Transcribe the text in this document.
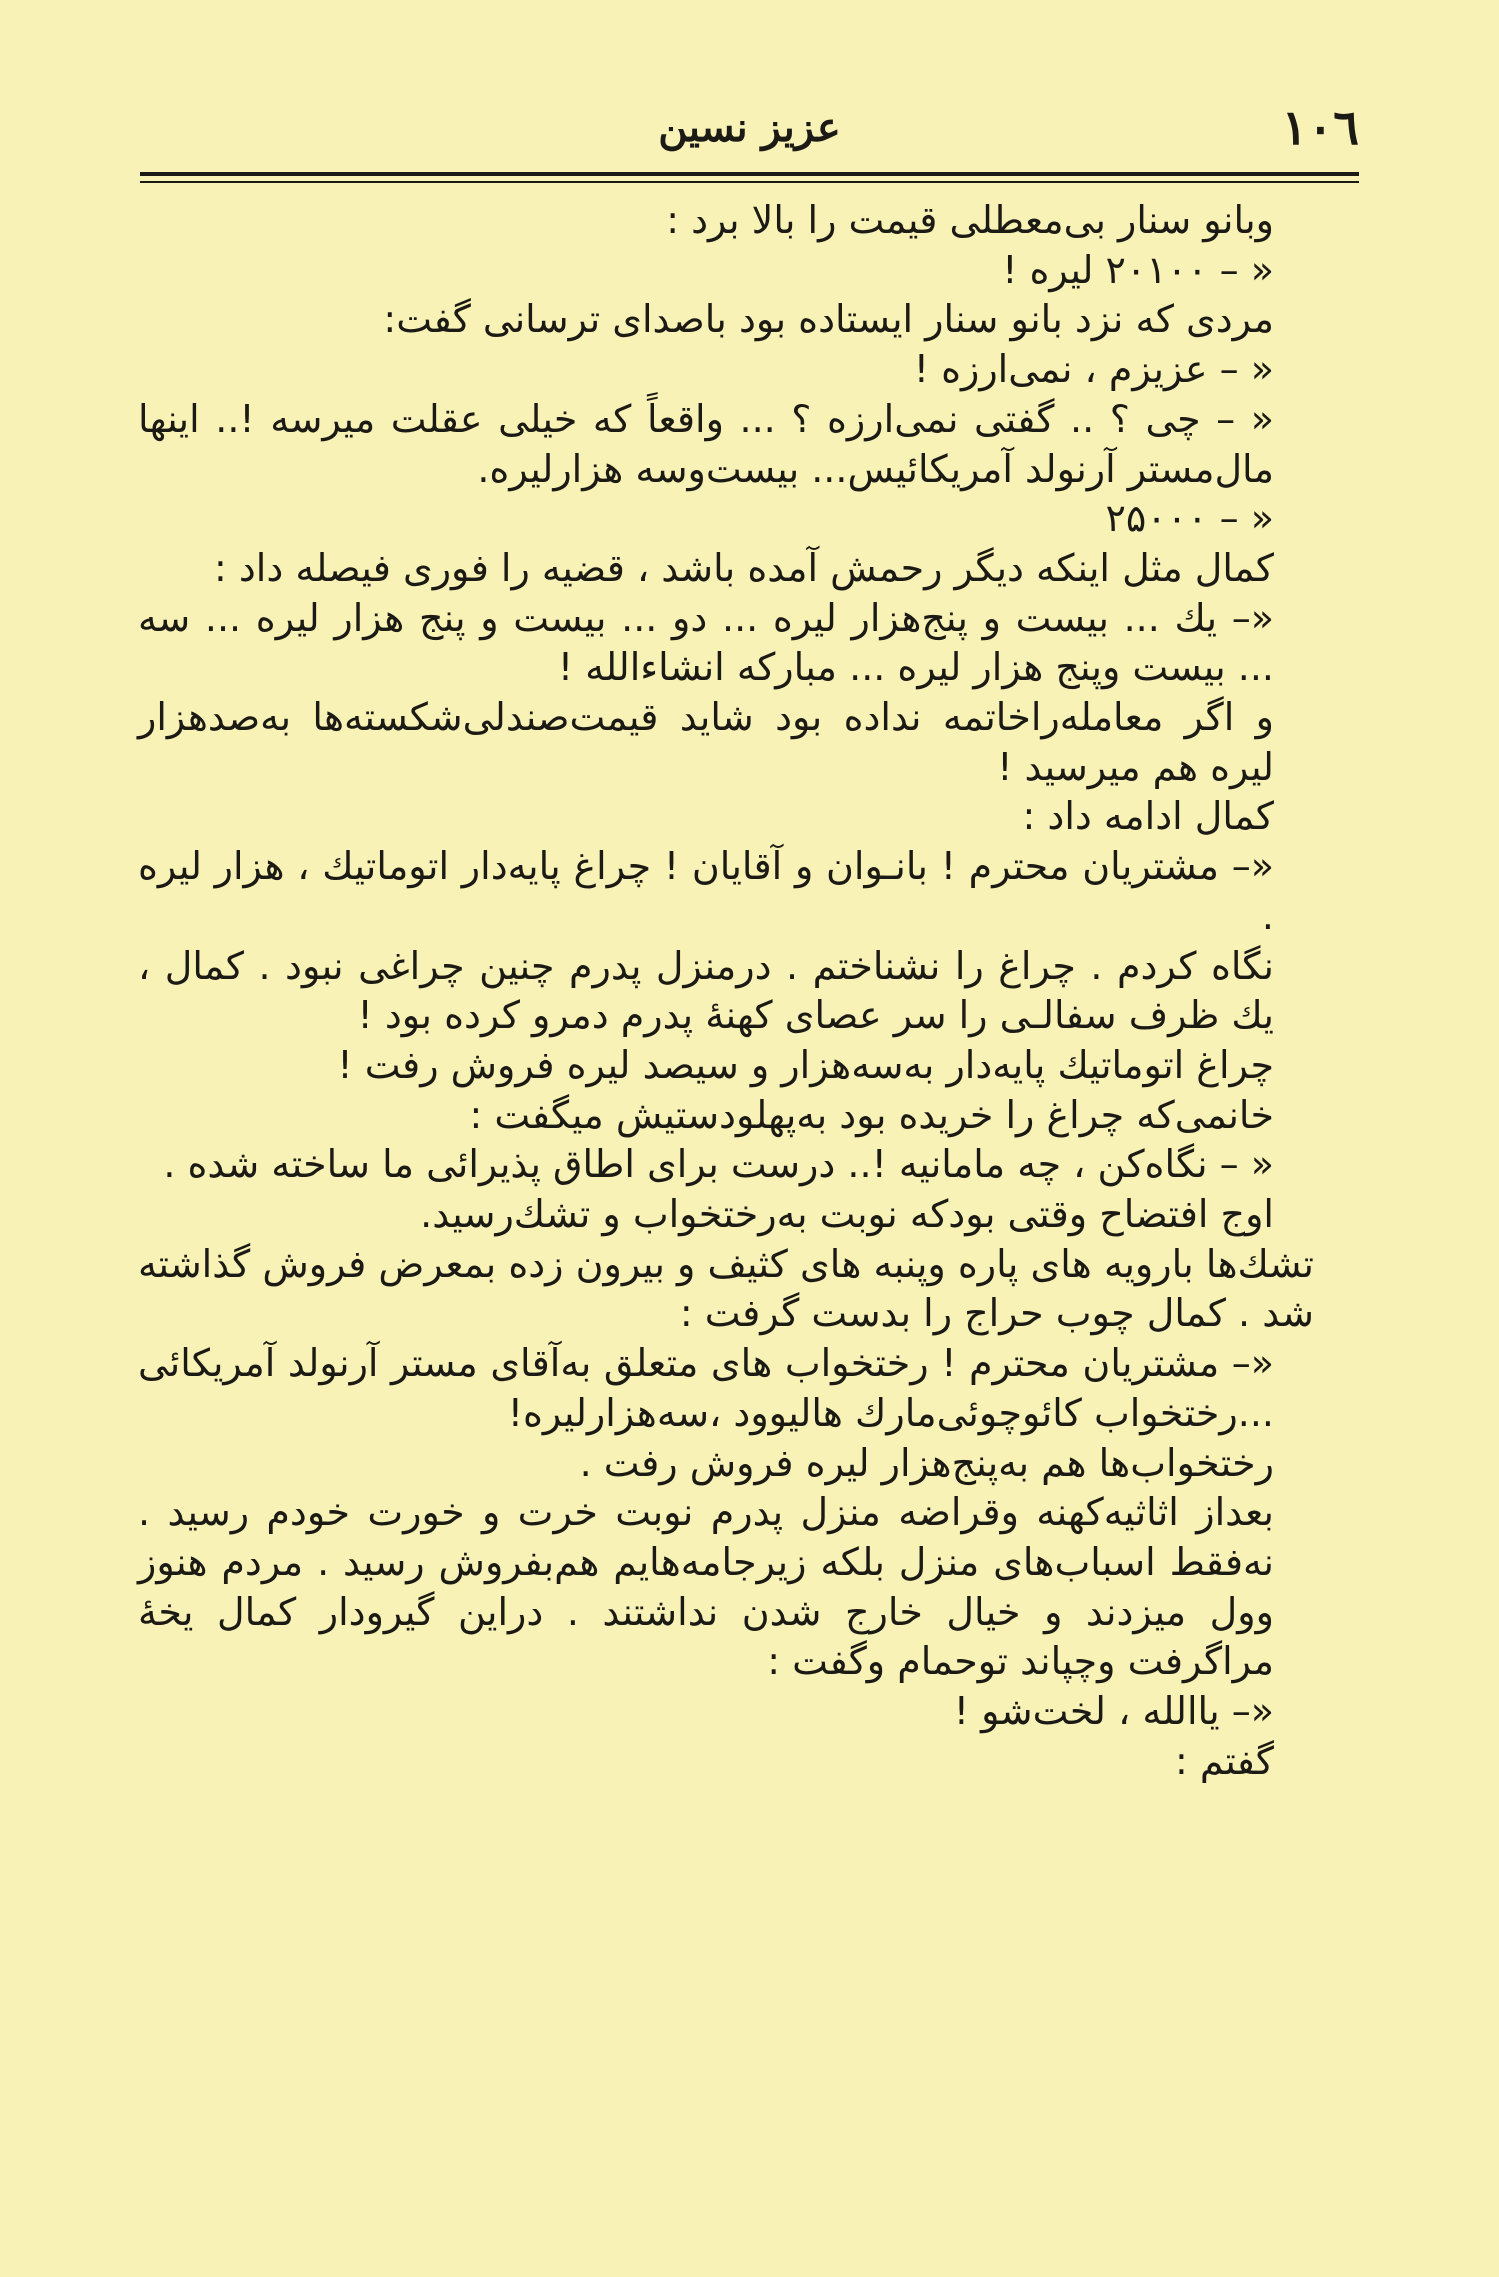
١٠٦
عزیز نسین

وبانو سنار بی‌معطلی قیمت را بالا برد :

« – ۲۰۱۰۰ لیره !

مردی که نزد بانو سنار ایستاده بود باصدای ترسانی گفت:

« – عزیزم ، نمی‌ارزه !

« – چی ؟ .. گفتی نمی‌ارزه ؟ ... واقعاً که خیلی عقلت میرسه !.. اینها مال‌مستر آرنولد آمریکائیس... بیست‌وسه هزارلیره.

« – ۲۵۰۰۰

کمال مثل اینکه دیگر رحمش آمده باشد ، قضیه را فوری فیصله داد :

«– یك ... بیست و پنج‌هزار لیره ... دو ... بیست و پنج هزار لیره ... سه ... بیست وپنج هزار لیره ... مبارکه انشاءالله !

و اگر معامله‌راخاتمه نداده بود شاید قیمت‌صندلی‌شکسته‌ها به‌صدهزار لیره هم میرسید !

کمال ادامه داد :

«– مشتریان محترم ! بانـوان و آقایان ! چراغ پایه‌دار اتوماتیك ، هزار لیره .

نگاه کردم . چراغ را نشناختم . درمنزل پدرم چنین چراغی نبود . کمال ، یك ظرف سفالـی را سر عصای کهنهٔ پدرم دمرو کرده بود !

چراغ اتوماتیك پایه‌دار به‌سه‌هزار و سیصد لیره فروش رفت !

خانمی‌که چراغ را خریده بود به‌پهلودستیش میگفت :

« – نگاه‌کن ، چه مامانیه !.. درست برای اطاق پذیرائی ما ساخته شده .

اوج افتضاح وقتی بودکه نوبت به‌رختخواب و تشك‌رسید.

تشك‌ها بارویه های پاره وپنبه های کثیف و بیرون زده بمعرض فروش گذاشته شد . کمال چوب حراج را بدست گرفت :

«– مشتریان محترم ! رختخواب های متعلق به‌آقای مستر آرنولد آمریکائی ...رختخواب کائوچوئی‌مارك هالیوود ،سه‌هزارلیره!

رختخواب‌ها هم به‌پنج‌هزار لیره فروش رفت .

بعداز اثاثیه‌کهنه وقراضه منزل پدرم نوبت خرت و خورت خودم رسید . نه‌فقط اسباب‌های منزل بلکه زیرجامه‌هایم هم‌بفروش رسید . مردم هنوز وول میزدند و خیال خارج شدن نداشتند . دراین گیرودار کمال یخهٔ مراگرفت وچپاند توحمام وگفت :

«– یاالله ، لخت‌شو !

گفتم :
